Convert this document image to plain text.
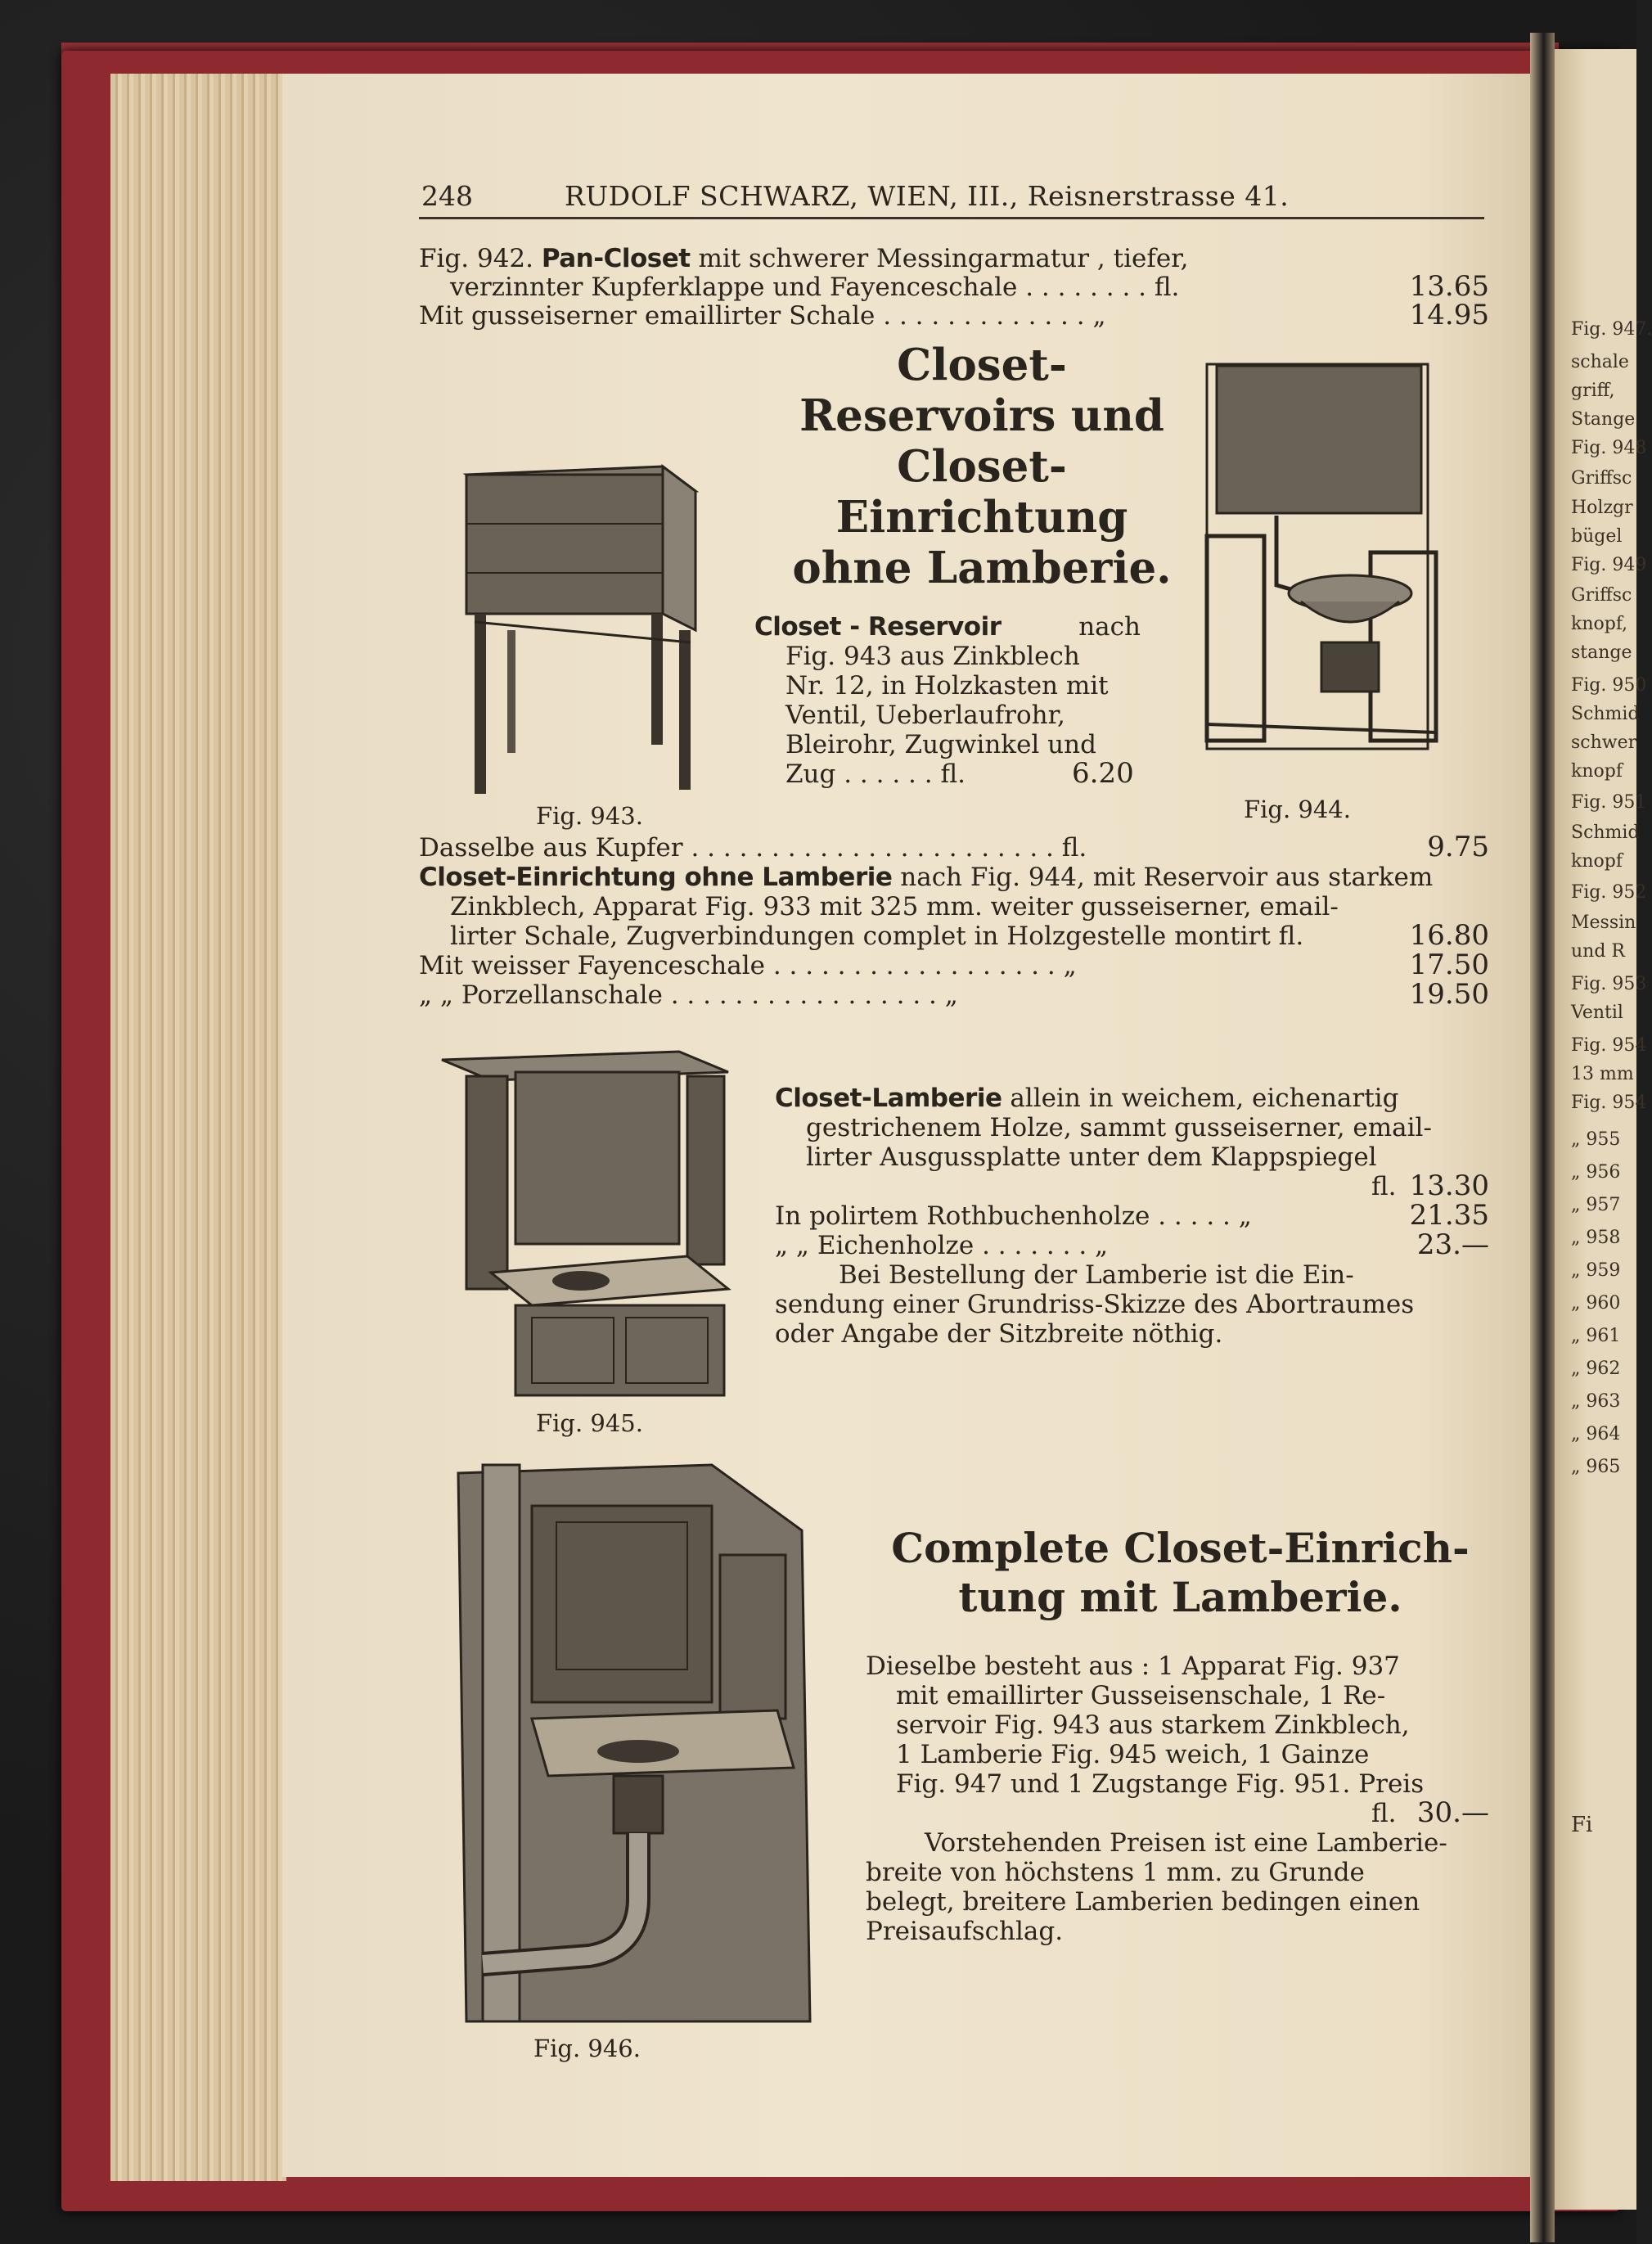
248	RUDOLF SCHWARZ, WIEN, III., Reisnerstrasse 41.
Fig. 942. Pan-Closet mit schwerer Messingarmatur , tiefer,
verzinnter Kupferklappe und Fayenceschale . . . . . . . . fl.	13.65
Mit gusseiserner emaillirter Schale . . . . . . . . . . . . . „	14.95
Closet-
Reservoirs und
Closet-
Einrichtung
ohne Lamberie.
Fig. 943.	Fig. 944.
Closet - Reservoir	nach
Fig. 943 aus Zinkblech
Nr. 12, in Holzkasten mit
Ventil, Ueberlaufrohr,
Bleirohr, Zugwinkel und
Zug . . . . . . fl.	6.20
Dasselbe aus Kupfer . . . . . . . . . . . . . . . . . . . . . . . fl.	9.75
Closet-Einrichtung ohne Lamberie nach Fig. 944, mit Reservoir aus starkem
Zinkblech, Apparat Fig. 933 mit 325 mm. weiter gusseiserner, email-
lirter Schale, Zugverbindungen complet in Holzgestelle montirt fl.	16.80
Mit weisser Fayenceschale . . . . . . . . . . . . . . . . . . „	17.50
„ „ Porzellanschale . . . . . . . . . . . . . . . . . „	19.50
Fig. 945.
Closet-Lamberie allein in weichem, eichenartig
gestrichenem Holze, sammt gusseiserner, email-
lirter Ausgussplatte unter dem Klappspiegel
fl. 13.30
In polirtem Rothbuchenholze . . . . . „	21.35
„ „ Eichenholze . . . . . . . „	23.—
Bei Bestellung der Lamberie ist die Ein-
sendung einer Grundriss-Skizze des Abortraumes
oder Angabe der Sitzbreite nöthig.
Fig. 946.
Complete Closet-Einrich-
tung mit Lamberie.
Dieselbe besteht aus : 1 Apparat Fig. 937
mit emaillirter Gusseisenschale, 1 Re-
servoir Fig. 943 aus starkem Zinkblech,
1 Lamberie Fig. 945 weich, 1 Gainze
Fig. 947 und 1 Zugstange Fig. 951. Preis
fl. 30.—
Vorstehenden Preisen ist eine Lamberie-
breite von höchstens 1 mm. zu Grunde
belegt, breitere Lamberien bedingen einen
Preisaufschlag.
Fig. 947.
schale
griff,
Stange
Fig. 948
Griffsc
Holzgr
bügel
Fig. 949
Griffsc
knopf,
stange
Fig. 950
Schmid
schwer
knopf
Fig. 951
Schmid
knopf
Fig. 952
Messin
und R
Fig. 953
Ventil
Fig. 954
13 mm
Fig. 954
„ 955
„ 956
„ 957
„ 958
„ 959
„ 960
„ 961
„ 962
„ 963
„ 964
„ 965
Fi
